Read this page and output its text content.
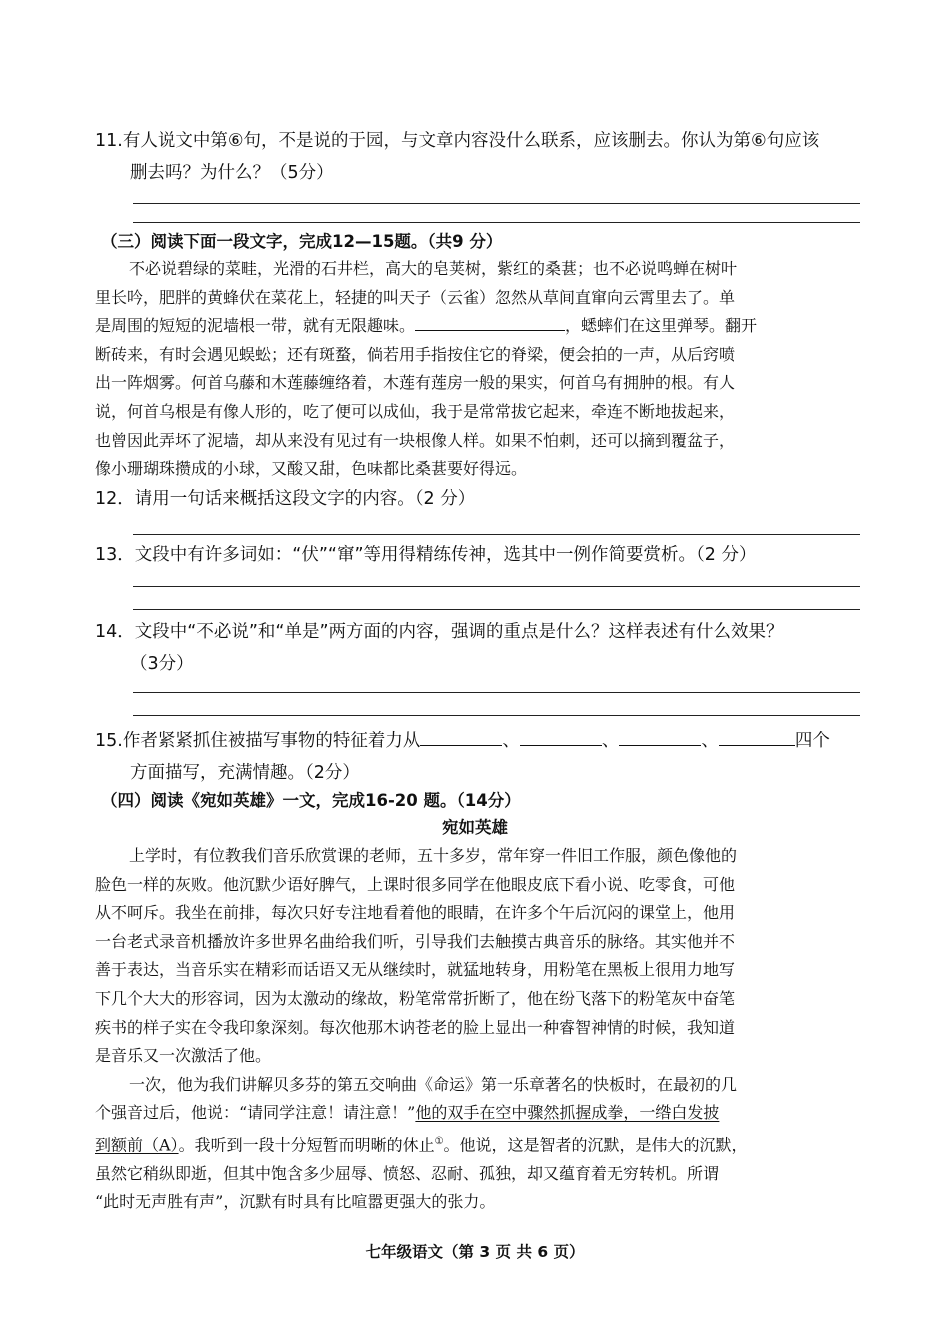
11.有人说文中第⑥句，不是说的于园，与文章内容没什么联系，应该删去。你认为第⑥句应该
删去吗？为什么？（5分）
（三）阅读下面一段文字，完成12—15题。（共9 分）

不必说碧绿的菜畦，光滑的石井栏，高大的皂荚树，紫红的桑葚；也不必说鸣蝉在树叶

里长吟，肥胖的黄蜂伏在菜花上，轻捷的叫天子（云雀）忽然从草间直窜向云霄里去了。单

是周围的短短的泥墙根一带，就有无限趣味。	，蟋蟀们在这里弹琴。翻开

断砖来，有时会遇见蜈蚣；还有斑蝥，倘若用手指按住它的脊梁，便会拍的一声，从后窍喷

出一阵烟雾。何首乌藤和木莲藤缠络着，木莲有莲房一般的果实，何首乌有拥肿的根。有人

说，何首乌根是有像人形的，吃了便可以成仙，我于是常常拔它起来，牵连不断地拔起来，

也曾因此弄坏了泥墙，却从来没有见过有一块根像人样。如果不怕刺，还可以摘到覆盆子，

像小珊瑚珠攒成的小球，又酸又甜，色味都比桑葚要好得远。

12．请用一句话来概括这段文字的内容。（2 分）
13．文段中有许多词如：“伏”“窜”等用得精练传神，选其中一例作简要赏析。（2 分）
14．文段中“不必说”和“单是”两方面的内容，强调的重点是什么？这样表述有什么效果？
（3分）
15.作者紧紧抓住被描写事物的特征着力从	、	、	、	四个
方面描写，充满情趣。（2分）
（四）阅读《宛如英雄》一文，完成16-20 题。（14分）
宛如英雄

上学时，有位教我们音乐欣赏课的老师，五十多岁，常年穿一件旧工作服，颜色像他的

脸色一样的灰败。他沉默少语好脾气，上课时很多同学在他眼皮底下看小说、吃零食，可他

从不呵斥。我坐在前排，每次只好专注地看着他的眼睛，在许多个午后沉闷的课堂上，他用

一台老式录音机播放许多世界名曲给我们听，引导我们去触摸古典音乐的脉络。其实他并不

善于表达，当音乐实在精彩而话语又无从继续时，就猛地转身，用粉笔在黑板上很用力地写

下几个大大的形容词，因为太激动的缘故，粉笔常常折断了，他在纷飞落下的粉笔灰中奋笔

疾书的样子实在令我印象深刻。每次他那木讷苍老的脸上显出一种睿智神情的时候，我知道

是音乐又一次激活了他。

一次，他为我们讲解贝多芬的第五交响曲《命运》第一乐章著名的快板时，在最初的几

个强音过后，他说：“请同学注意！请注意！”他的双手在空中骤然抓握成拳，一绺白发披

到额前（A）。我听到一段十分短暂而明晰的休止①。他说，这是智者的沉默，是伟大的沉默，

虽然它稍纵即逝，但其中饱含多少屈辱、愤怒、忍耐、孤独，却又蕴育着无穷转机。所谓

“此时无声胜有声”，沉默有时具有比喧嚣更强大的张力。

七年级语文（第 3 页 共 6 页）
